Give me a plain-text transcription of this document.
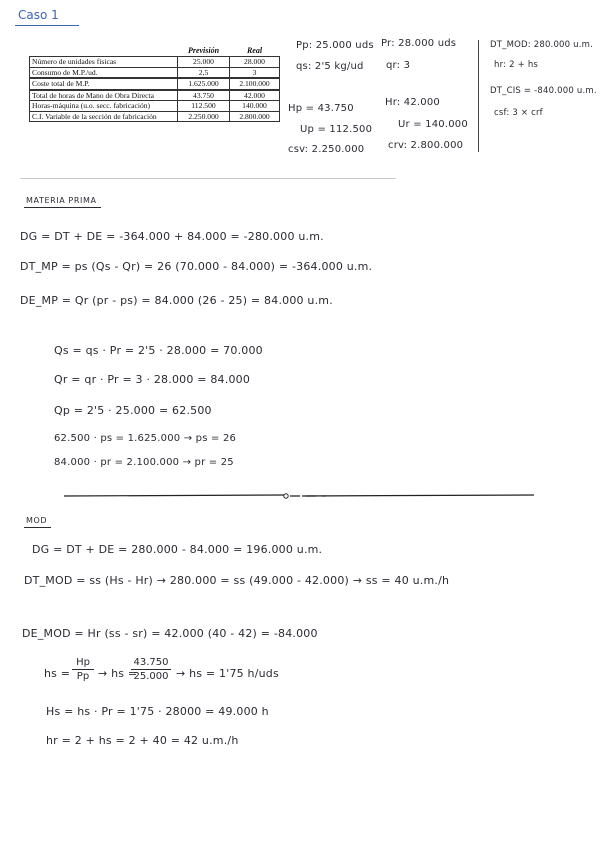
Caso 1
	Previsión	Real
Número de unidades físicas	25.000	28.000
Consumo de M.P./ud.	2,5	3
Coste total de M.P.	1.625.000	2.100.000
Total de horas de Mano de Obra Directa	43.750	42.000
Horas-máquina (u.o. secc. fabricación)	112.500	140.000
C.I. Variable de la sección de fabricación	2.250.000	2.800.000
Pp: 25.000 uds Pr: 28.000 uds
qs: 2'5 kg/ud qr: 3
Hp = 43.750
Hr: 42.000
Up = 112.500	Ur = 140.000
csv: 2.250.000 crv: 2.800.000
DT_MOD: 280.000 u.m.
hr: 2 + hs
DT_CIS = -840.000 u.m.
csf: 3 × crf
MATERIA PRIMA
DG = DT + DE = -364.000 + 84.000 = -280.000 u.m.
DT_MP = ps (Qs - Qr) = 26 (70.000 - 84.000) = -364.000 u.m.
DE_MP = Qr (pr - ps) = 84.000 (26 - 25) = 84.000 u.m.
Qs = qs · Pr = 2'5 · 28.000 = 70.000
Qr = qr · Pr = 3 · 28.000 = 84.000
Qp = 2'5 · 25.000 = 62.500
62.500 · ps = 1.625.000 → ps = 26
84.000 · pr = 2.100.000 → pr = 25
MOD
DG = DT + DE = 280.000 - 84.000 = 196.000 u.m.
DT_MOD = ss (Hs - Hr) → 280.000 = ss (49.000 - 42.000) → ss = 40 u.m./h
DE_MOD = Hr (ss - sr) = 42.000 (40 - 42) = -84.000
hs =
Hp
Pp → hs =
43.750
25.000 → hs = 1'75 h/uds
Hs = hs · Pr = 1'75 · 28000 = 49.000 h
hr = 2 + hs = 2 + 40 = 42 u.m./h
